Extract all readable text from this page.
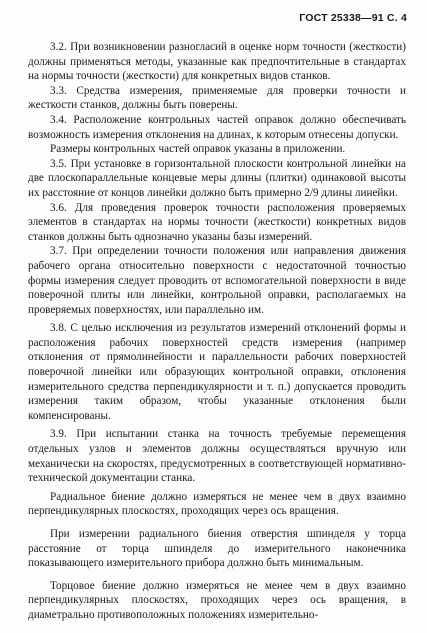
ГОСТ 25338—91 С. 4

3.2. При возникновении разногласий в оценке норм точности (жесткости) должны применяться методы, указанные как предпочтительные в стандартах на нормы точности (жесткости) для конкретных видов станков.

3.3. Средства измерения, применяемые для проверки точности и жесткости станков, должны быть поверены.

3.4. Расположение контрольных частей оправок должно обеспечивать возможность измерения отклонения на длинах, к которым отнесены допуски.

Размеры контрольных частей оправок указаны в приложении.

3.5. При установке в горизонтальной плоскости контрольной линейки на две плоскопараллельные концевые меры длины (плитки) одинаковой высоты их расстояние от концов линейки должно быть примерно 2/9 длины линейки.

3.6. Для проведения проверок точности расположения проверяемых элементов в стандартах на нормы точности (жесткости) конкретных видов станков должны быть однозначно указаны базы измерений.

3.7. При определении точности положения или направления движения рабочего органа относительно поверхности с недостаточной точностью формы измерения следует проводить от вспомогательной поверхности в виде поверочной плиты или линейки, контрольной оправки, располагаемых на проверяемых поверхностях, или параллельно им.

3.8. С целью исключения из результатов измерений отклонений формы и расположения рабочих поверхностей средств измерения (например отклонения от прямолинейности и параллельности рабочих поверхностей поверочной линейки или образующих контрольной оправки, отклонения измерительного средства перпендикулярности и т. п.) допускается проводить измерения таким образом, чтобы указанные отклонения были компенсированы.

3.9. При испытании станка на точность требуемые перемещения отдельных узлов и элементов должны осуществляться вручную или механически на скоростях, предусмотренных в соответствующей нормативно-технической документации станка.

Радиальное биение должно измеряться не менее чем в двух взаимно перпендикулярных плоскостях, проходящих через ось вращения.

При измерении радиального биения отверстия шпинделя у торца расстояние от торца шпинделя до измерительного наконечника показывающего измерительного прибора должно быть минимальным.

Торцовое биение должно измеряться не менее чем в двух взаимно перпендикулярных плоскостях, проходящих через ось вращения, в диаметрально противоположных положениях измерительно-
